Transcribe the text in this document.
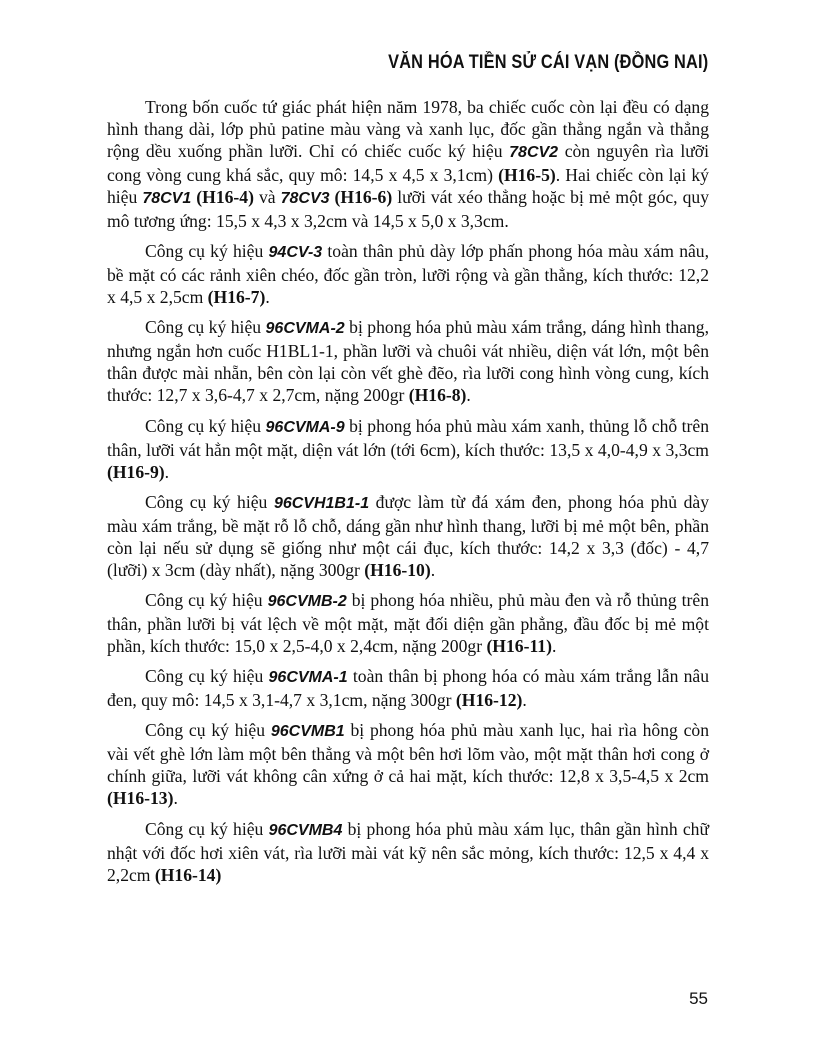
VĂN HÓA TIỀN SỬ CÁI VẠN (ĐỒNG NAI)

Trong bốn cuốc tứ giác phát hiện năm 1978, ba chiếc cuốc còn lại đều có dạng hình thang dài, lớp phủ patine màu vàng và xanh lục, đốc gần thẳng ngắn và thẳng rộng dều xuống phần lưỡi. Chỉ có chiếc cuốc ký hiệu 78CV2 còn nguyên rìa lưỡi cong vòng cung khá sắc, quy mô: 14,5 x 4,5 x 3,1cm) (H16-5). Hai chiếc còn lại ký hiệu 78CV1 (H16-4) và 78CV3 (H16-6) lưỡi vát xéo thẳng hoặc bị mẻ một góc, quy mô tương ứng: 15,5 x 4,3 x 3,2cm và 14,5 x 5,0 x 3,3cm.

Công cụ ký hiệu 94CV-3 toàn thân phủ dày lớp phấn phong hóa màu xám nâu, bề mặt có các rảnh xiên chéo, đốc gần tròn, lưỡi rộng và gần thẳng, kích thước: 12,2 x 4,5 x 2,5cm (H16-7).

Công cụ ký hiệu 96CVMA-2 bị phong hóa phủ màu xám trắng, dáng hình thang, nhưng ngắn hơn cuốc H1BL1-1, phần lưỡi và chuôi vát nhiều, diện vát lớn, một bên thân được mài nhẵn, bên còn lại còn vết ghè đẽo, rìa lưỡi cong hình vòng cung, kích thước: 12,7 x 3,6-4,7 x 2,7cm, nặng 200gr (H16-8).

Công cụ ký hiệu 96CVMA-9 bị phong hóa phủ màu xám xanh, thủng lỗ chỗ trên thân, lưỡi vát hẳn một mặt, diện vát lớn (tới 6cm), kích thước: 13,5 x 4,0-4,9 x 3,3cm (H16-9).

Công cụ ký hiệu 96CVH1B1-1 được làm từ đá xám đen, phong hóa phủ dày màu xám trắng, bề mặt rỗ lỗ chỗ, dáng gần như hình thang, lưỡi bị mẻ một bên, phần còn lại nếu sử dụng sẽ giống như một cái đục, kích thước: 14,2 x 3,3 (đốc) - 4,7 (lưỡi) x 3cm (dày nhất), nặng 300gr (H16-10).

Công cụ ký hiệu 96CVMB-2 bị phong hóa nhiều, phủ màu đen và rỗ thủng trên thân, phần lưỡi bị vát lệch về một mặt, mặt đối diện gần phẳng, đầu đốc bị mẻ một phần, kích thước: 15,0 x 2,5-4,0 x 2,4cm, nặng 200gr (H16-11).

Công cụ ký hiệu 96CVMA-1 toàn thân bị phong hóa có màu xám trắng lẫn nâu đen, quy mô: 14,5 x 3,1-4,7 x 3,1cm, nặng 300gr (H16-12).

Công cụ ký hiệu 96CVMB1 bị phong hóa phủ màu xanh lục, hai rìa hông còn vài vết ghè lớn làm một bên thẳng và một bên hơi lõm vào, một mặt thân hơi cong ở chính giữa, lưỡi vát không cân xứng ở cả hai mặt, kích thước: 12,8 x 3,5-4,5 x 2cm (H16-13).

Công cụ ký hiệu 96CVMB4 bị phong hóa phủ màu xám lục, thân gần hình chữ nhật với đốc hơi xiên vát, rìa lưỡi mài vát kỹ nên sắc mỏng, kích thước: 12,5 x 4,4 x 2,2cm (H16-14)

55
